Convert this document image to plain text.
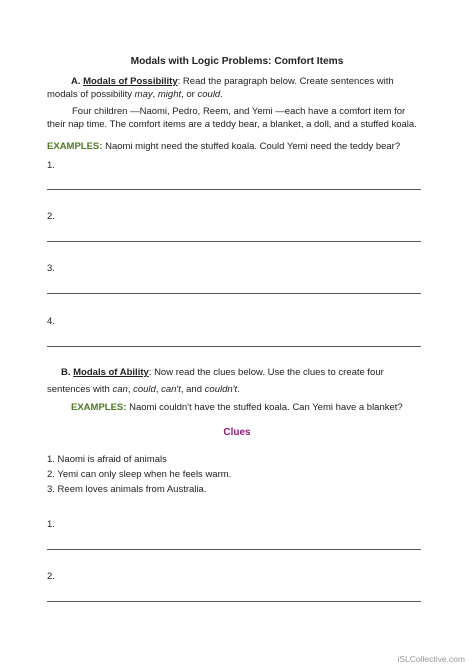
Modals with Logic Problems: Comfort Items
A. Modals of Possibility: Read the paragraph below. Create sentences with
modals of possibility may, might, or could.
Four children —Naomi, Pedro, Reem, and Yemi —each have a comfort item for
their nap time. The comfort items are a teddy bear, a blanket, a doll, and a stuffed koala.
EXAMPLES: Naomi might need the stuffed koala. Could Yemi need the teddy bear?
1.
2.
3.
4.
B. Modals of Ability: Now read the clues below. Use the clues to create four
sentences with can, could, can't, and couldn't.
EXAMPLES: Naomi couldn't have the stuffed koala. Can Yemi have a blanket?
Clues
1. Naomi is afraid of animals
2. Yemi can only sleep when he feels warm.
3. Reem loves animals from Australia.
1.
2.
iSLCollective.com
